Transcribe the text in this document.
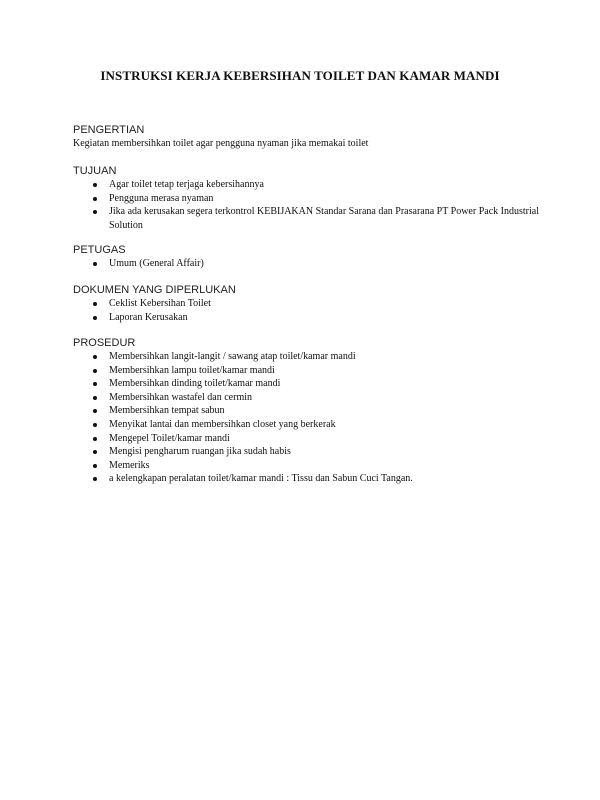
INSTRUKSI KERJA KEBERSIHAN TOILET DAN KAMAR MANDI

PENGERTIAN

Kegiatan membersihkan toilet agar pengguna nyaman jika memakai toilet

TUJUAN

Agar toilet tetap terjaga kebersihannya
Pengguna merasa nyaman
Jika ada kerusakan segera terkontrol KEBIJAKAN Standar Sarana dan Prasarana PT Power Pack Industrial Solution

PETUGAS

Umum (General Affair)

DOKUMEN YANG DIPERLUKAN

Ceklist Kebersihan Toilet
Laporan Kerusakan

PROSEDUR

Membersihkan langit-langit / sawang atap toilet/kamar mandi
Membersihkan lampu toilet/kamar mandi
Membersihkan dinding toilet/kamar mandi
Membersihkan wastafel dan cermin
Membersihkan tempat sabun
Menyikat lantai dan membersihkan closet yang berkerak
Mengepel Toilet/kamar mandi
Mengisi pengharum ruangan jika sudah habis
Memeriks
a kelengkapan peralatan toilet/kamar mandi : Tissu dan Sabun Cuci Tangan.
